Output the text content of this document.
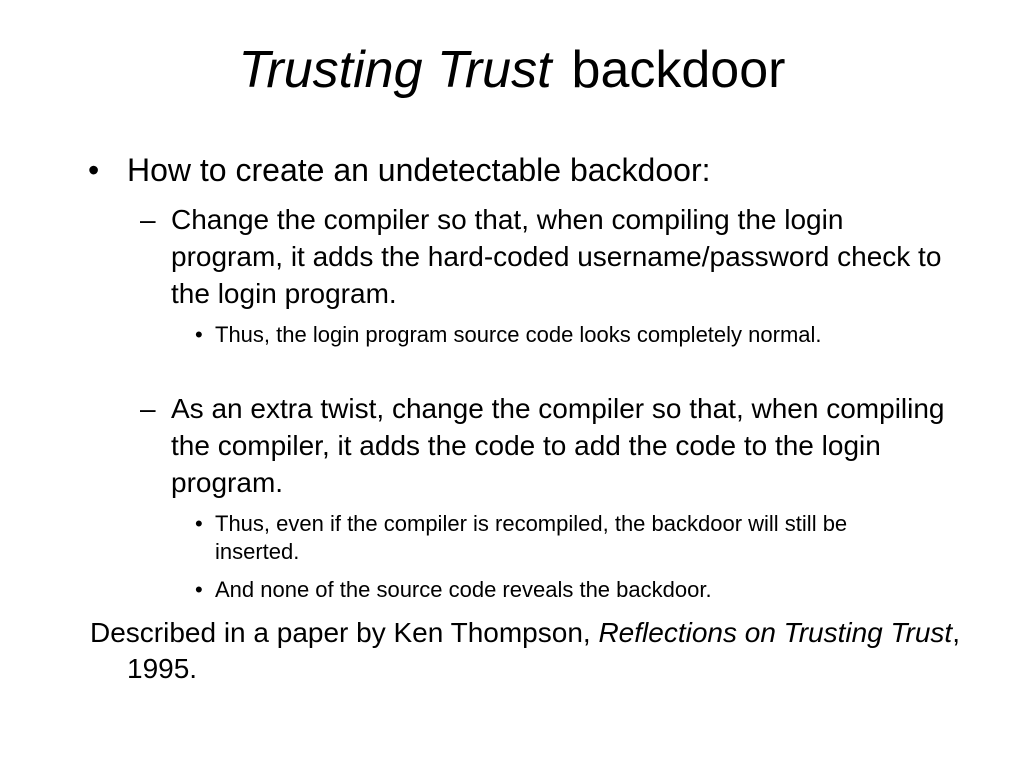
Trusting Trust backdoor
• How to create an undetectable backdoor:
– Change the compiler so that, when compiling the login program, it adds the hard-coded username/password check to the login program.
• Thus, the login program source code looks completely normal.
– As an extra twist, change the compiler so that, when compiling the compiler, it adds the code to add the code to the login program.
• Thus, even if the compiler is recompiled, the backdoor will still be inserted.
• And none of the source code reveals the backdoor.
Described in a paper by Ken Thompson, Reflections on Trusting Trust, 1995.
